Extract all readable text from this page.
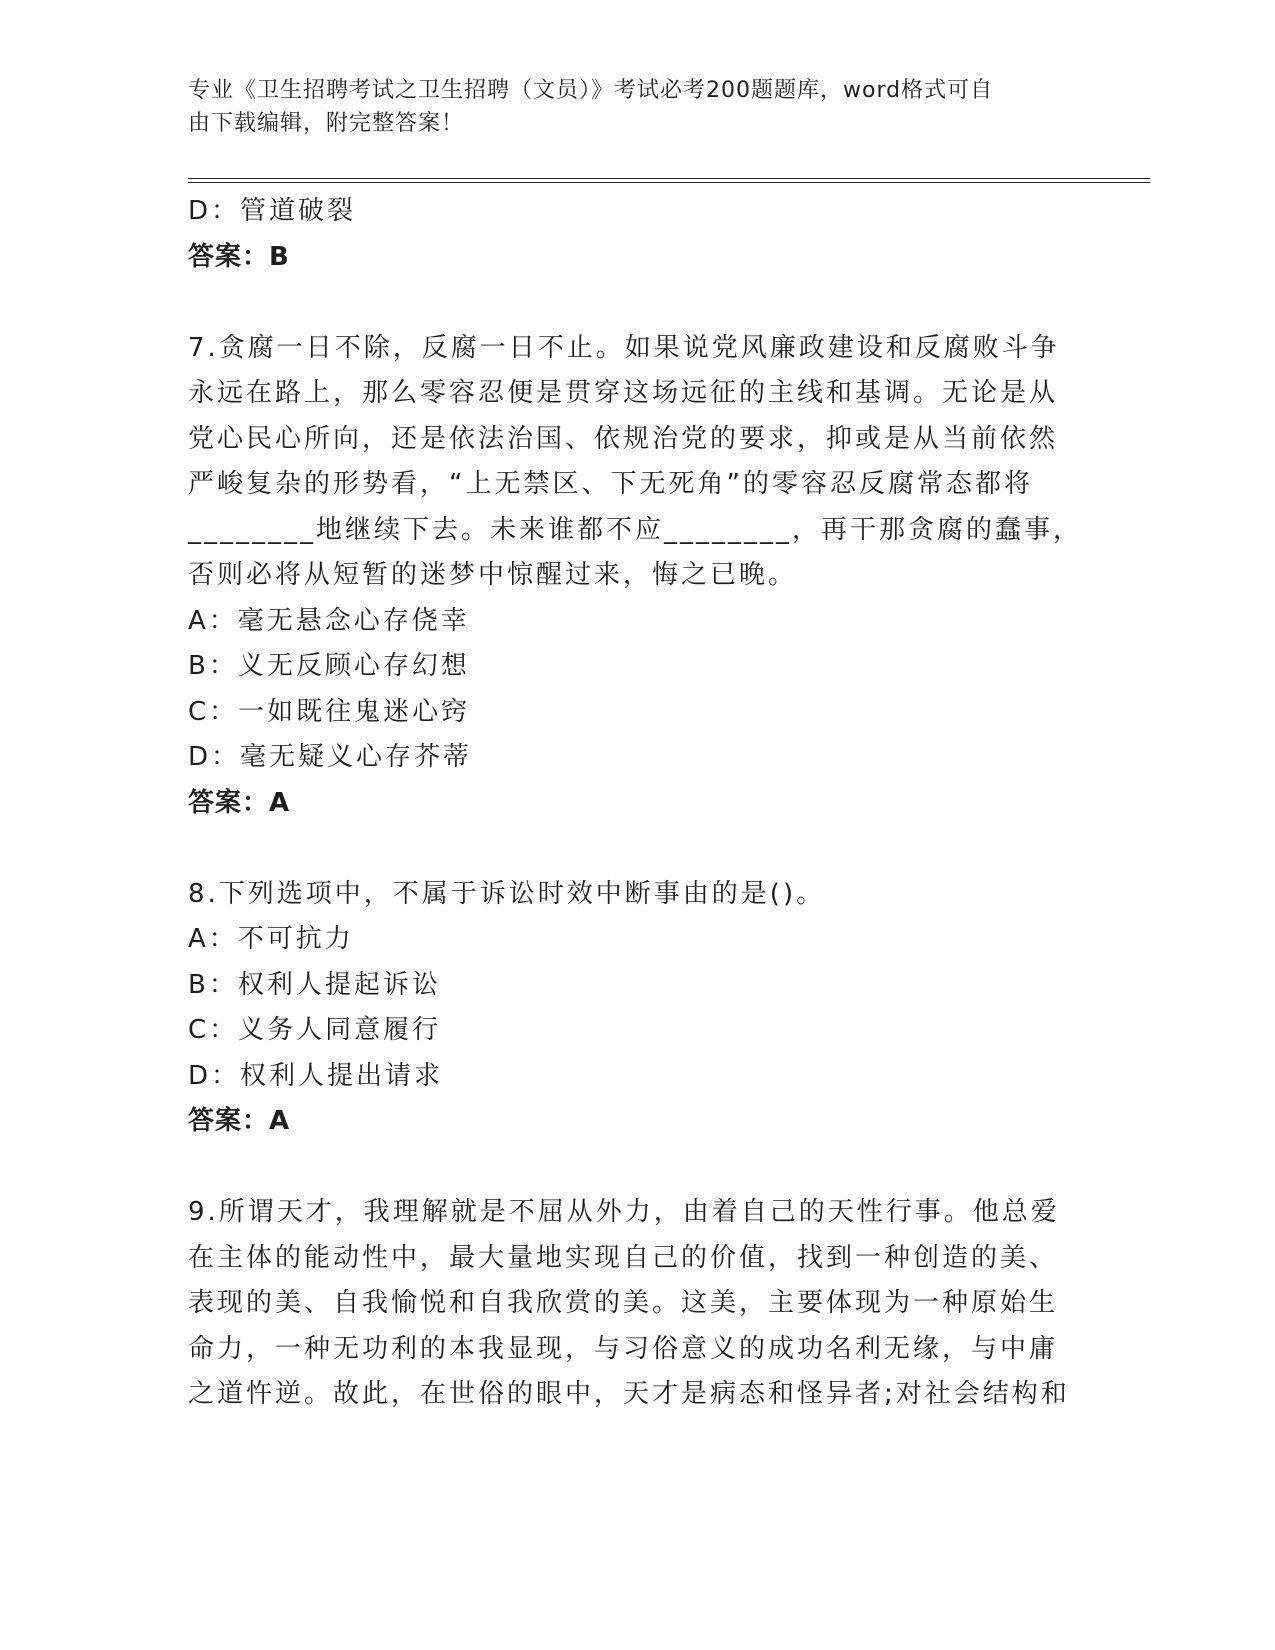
专业《卫生招聘考试之卫生招聘（文员）》考试必考200题题库，word格式可自
由下载编辑，附完整答案！
D：管道破裂
答案：B
7.贪腐一日不除，反腐一日不止。如果说党风廉政建设和反腐败斗争
永远在路上，那么零容忍便是贯穿这场远征的主线和基调。无论是从
党心民心所向，还是依法治国、依规治党的要求，抑或是从当前依然
严峻复杂的形势看，“上无禁区、下无死角”的零容忍反腐常态都将
________地继续下去。未来谁都不应________，再干那贪腐的蠢事，
否则必将从短暂的迷梦中惊醒过来，悔之已晚。
A：毫无悬念心存侥幸
B：义无反顾心存幻想
C：一如既往鬼迷心窍
D：毫无疑义心存芥蒂
答案：A
8.下列选项中，不属于诉讼时效中断事由的是()。
A：不可抗力
B：权利人提起诉讼
C：义务人同意履行
D：权利人提出请求
答案：A
9.所谓天才，我理解就是不屈从外力，由着自己的天性行事。他总爱
在主体的能动性中，最大量地实现自己的价值，找到一种创造的美、
表现的美、自我愉悦和自我欣赏的美。这美，主要体现为一种原始生
命力，一种无功利的本我显现，与习俗意义的成功名利无缘，与中庸
之道忤逆。故此，在世俗的眼中，天才是病态和怪异者;对社会结构和
